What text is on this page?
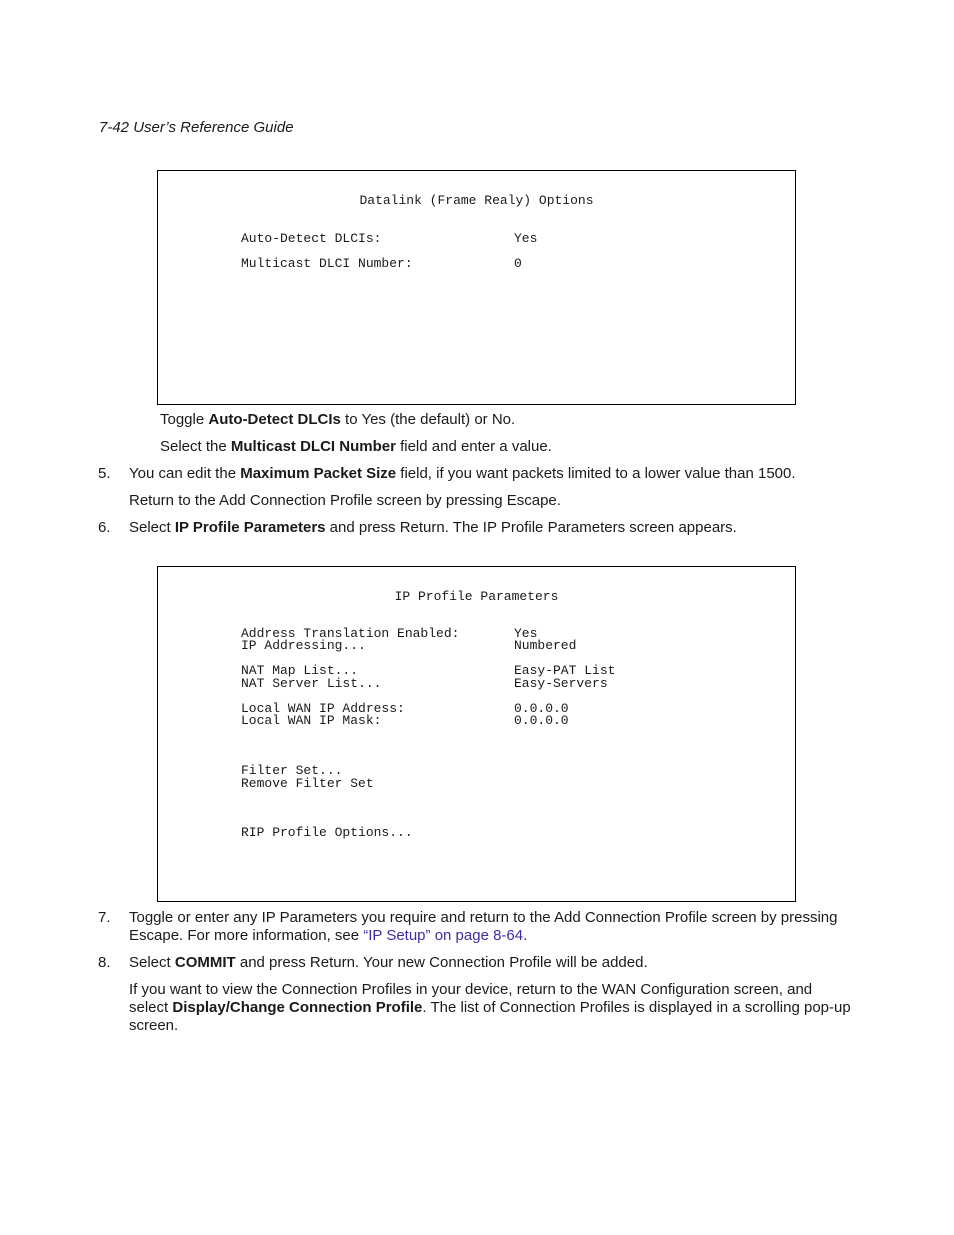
7-42 User’s Reference Guide
Datalink (Frame Realy) Options
Auto-Detect DLCIs:	Yes
Multicast DLCI Number:	0
Toggle Auto-Detect DLCIs to Yes (the default) or No.
Select the Multicast DLCI Number field and enter a value.
5. You can edit the Maximum Packet Size field, if you want packets limited to a lower value than 1500.
Return to the Add Connection Profile screen by pressing Escape.
6. Select IP Profile Parameters and press Return. The IP Profile Parameters screen appears.
IP Profile Parameters
Address Translation Enabled:	Yes
IP Addressing...	Numbered
NAT Map List...	Easy-PAT List
NAT Server List...	Easy-Servers
Local WAN IP Address:	0.0.0.0
Local WAN IP Mask:	0.0.0.0
Filter Set...
Remove Filter Set
RIP Profile Options...
7. Toggle or enter any IP Parameters you require and return to the Add Connection Profile screen by pressing Escape. For more information, see “IP Setup” on page 8-64.
8. Select COMMIT and press Return. Your new Connection Profile will be added.
If you want to view the Connection Profiles in your device, return to the WAN Configuration screen, and select Display/Change Connection Profile. The list of Connection Profiles is displayed in a scrolling pop-up screen.
